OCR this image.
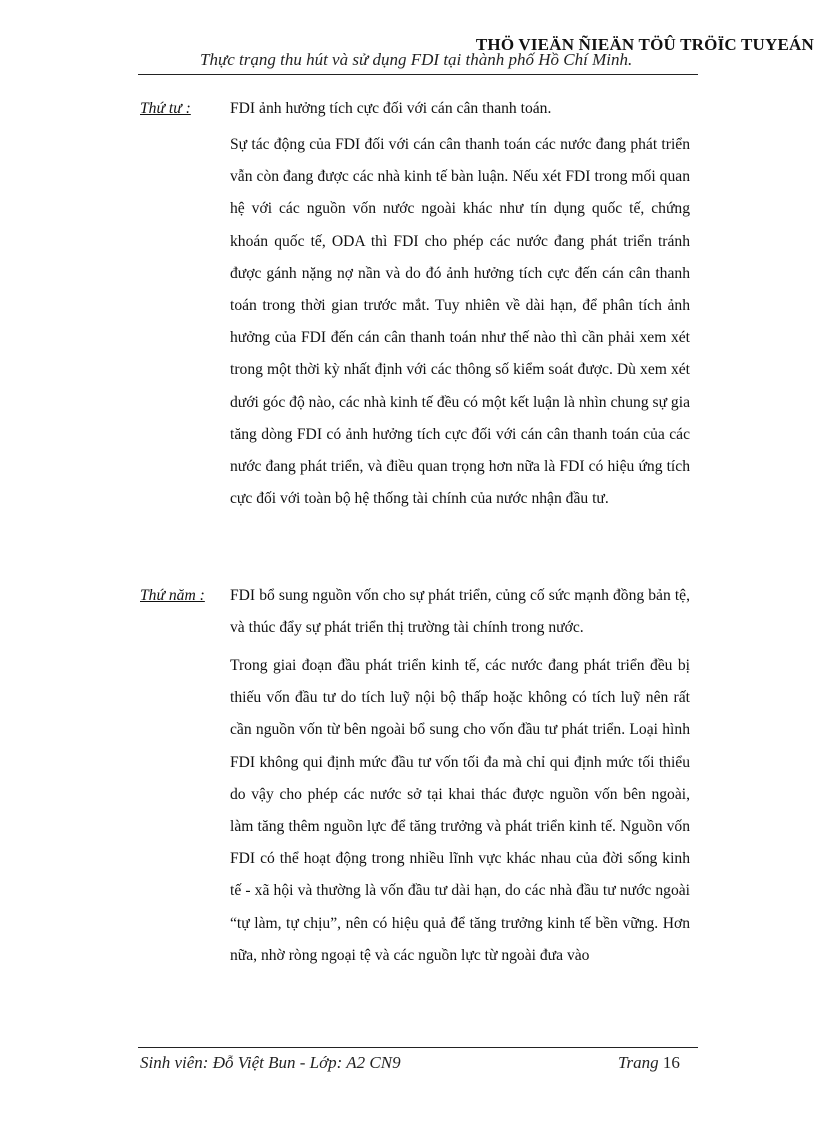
THÖ VIEÄN ÑIEÄN TÖÛ TRÖÏC TUYEÁN
Thực trạng thu hút và sử dụng FDI tại thành phố Hồ Chí Minh.
Thứ tư :	FDI ảnh hưởng tích cực đối với cán cân thanh toán.
Sự tác động của FDI đối với cán cân thanh toán các nước đang phát triển vẫn còn đang được các nhà kinh tế bàn luận. Nếu xét FDI trong mối quan hệ với các nguồn vốn nước ngoài khác như tín dụng quốc tế, chứng khoán quốc tế, ODA thì FDI cho phép các nước đang phát triển tránh được gánh nặng nợ nần và do đó ảnh hưởng tích cực đến cán cân thanh toán trong thời gian trước mắt. Tuy nhiên về dài hạn, để phân tích ảnh hưởng của FDI đến cán cân thanh toán như thế nào thì cần phải xem xét trong một thời kỳ nhất định với các thông số kiểm soát được. Dù xem xét dưới góc độ nào, các nhà kinh tế đều có một kết luận là nhìn chung sự gia tăng dòng FDI có ảnh hưởng tích cực đối với cán cân thanh toán của các nước đang phát triển, và điều quan trọng hơn nữa là FDI có hiệu ứng tích cực đối với toàn bộ hệ thống tài chính của nước nhận đầu tư.
Thứ năm : FDI bổ sung nguồn vốn cho sự phát triển, củng cố sức mạnh đồng bản tệ, và thúc đẩy sự phát triển thị trường tài chính trong nước.
Trong giai đoạn đầu phát triển kinh tế, các nước đang phát triển đều bị thiếu vốn đầu tư do tích luỹ nội bộ thấp hoặc không có tích luỹ nên rất cần nguồn vốn từ bên ngoài bổ sung cho vốn đầu tư phát triển. Loại hình FDI không qui định mức đầu tư vốn tối đa mà chỉ qui định mức tối thiểu do vậy cho phép các nước sở tại khai thác được nguồn vốn bên ngoài, làm tăng thêm nguồn lực để tăng trưởng và phát triển kinh tế. Nguồn vốn FDI có thể hoạt động trong nhiều lĩnh vực khác nhau của đời sống kinh tế - xã hội và thường là vốn đầu tư dài hạn, do các nhà đầu tư nước ngoài “tự làm, tự chịu”, nên có hiệu quả để tăng trưởng kinh tế bền vững. Hơn nữa, nhờ ròng ngoại tệ và các nguồn lực từ ngoài đưa vào
Sinh viên: Đỗ Việt Bun - Lớp: A2 CN9	Trang 16
